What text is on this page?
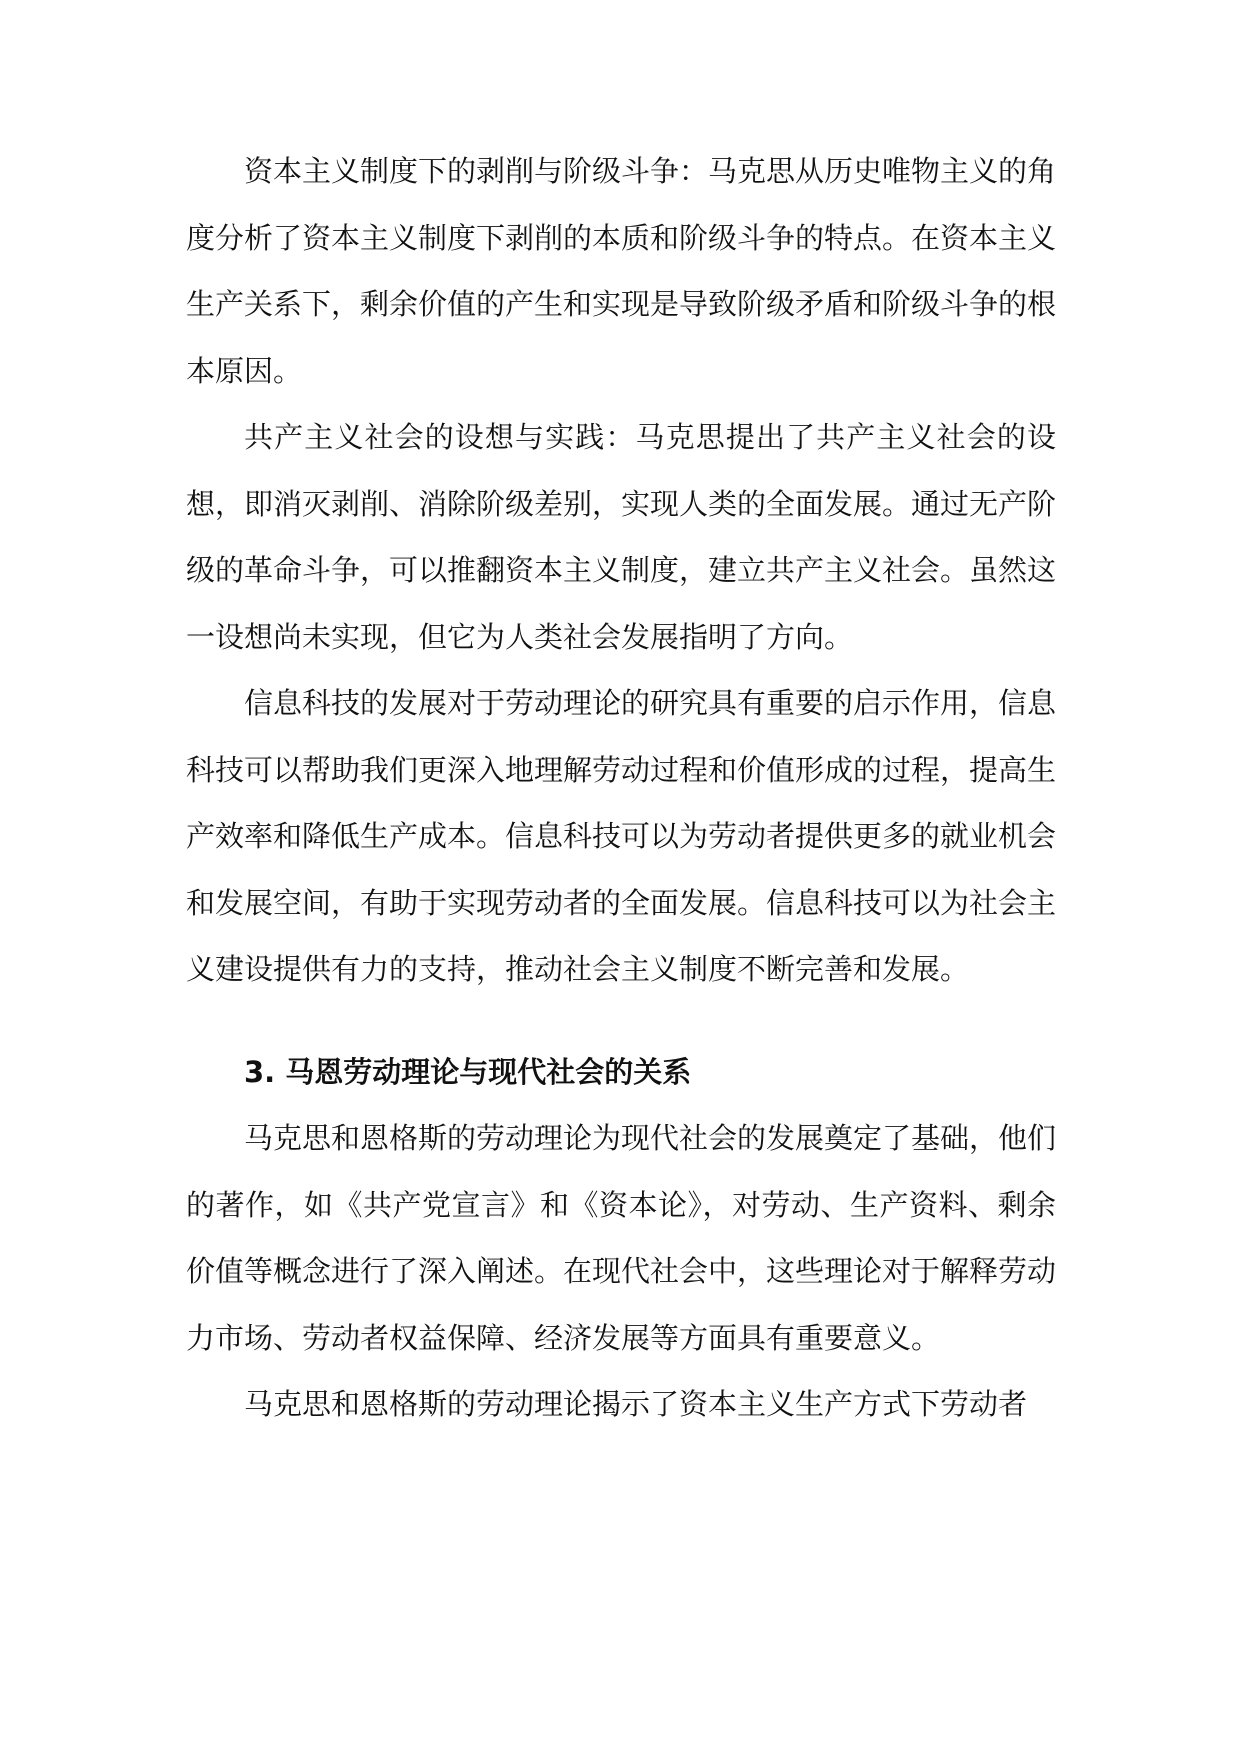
资本主义制度下的剥削与阶级斗争：马克思从历史唯物主义的角度分析了资本主义制度下剥削的本质和阶级斗争的特点。在资本主义生产关系下，剩余价值的产生和实现是导致阶级矛盾和阶级斗争的根本原因。

共产主义社会的设想与实践：马克思提出了共产主义社会的设想，即消灭剥削、消除阶级差别，实现人类的全面发展。通过无产阶级的革命斗争，可以推翻资本主义制度，建立共产主义社会。虽然这一设想尚未实现，但它为人类社会发展指明了方向。

信息科技的发展对于劳动理论的研究具有重要的启示作用，信息科技可以帮助我们更深入地理解劳动过程和价值形成的过程，提高生产效率和降低生产成本。信息科技可以为劳动者提供更多的就业机会和发展空间，有助于实现劳动者的全面发展。信息科技可以为社会主义建设提供有力的支持，推动社会主义制度不断完善和发展。

3. 马恩劳动理论与现代社会的关系

马克思和恩格斯的劳动理论为现代社会的发展奠定了基础，他们的著作，如《共产党宣言》和《资本论》，对劳动、生产资料、剩余价值等概念进行了深入阐述。在现代社会中，这些理论对于解释劳动力市场、劳动者权益保障、经济发展等方面具有重要意义。

马克思和恩格斯的劳动理论揭示了资本主义生产方式下劳动者
